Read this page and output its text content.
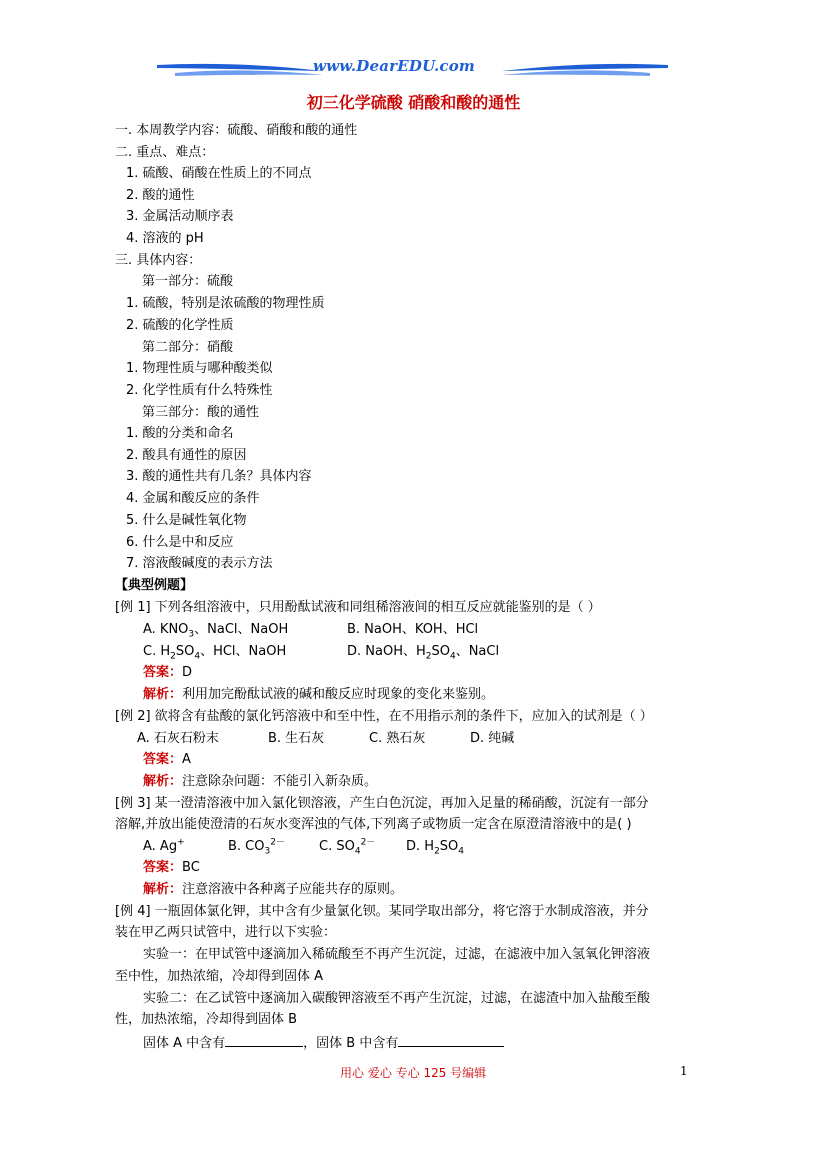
www.DearEDU.com
初三化学硫酸 硝酸和酸的通性
一. 本周教学内容：硫酸、硝酸和酸的通性
二. 重点、难点：
1. 硫酸、硝酸在性质上的不同点
2. 酸的通性
3. 金属活动顺序表
4. 溶液的 pH
三. 具体内容：
第一部分：硫酸
1. 硫酸，特别是浓硫酸的物理性质
2. 硫酸的化学性质
第二部分：硝酸
1. 物理性质与哪种酸类似
2. 化学性质有什么特殊性
第三部分：酸的通性
1. 酸的分类和命名
2. 酸具有通性的原因
3. 酸的通性共有几条？具体内容
4. 金属和酸反应的条件
5. 什么是碱性氧化物
6. 什么是中和反应
7. 溶液酸碱度的表示方法
【典型例题】
[例 1] 下列各组溶液中，只用酚酞试液和同组稀溶液间的相互反应就能鉴别的是（ ）
A. $KNO_3$、NaCl、NaOH	B. NaOH、KOH、HCl
C. $H_2SO_4$、HCl、NaOH	D. NaOH、$H_2SO_4$、NaCl
答案：D
解析：利用加完酚酞试液的碱和酸反应时现象的变化来鉴别。
[例 2] 欲将含有盐酸的氯化钙溶液中和至中性，在不用指示剂的条件下，应加入的试剂是（ ）
A. 石灰石粉末	B. 生石灰	C. 熟石灰	D. 纯碱
答案：A
解析：注意除杂问题：不能引入新杂质。
[例 3] 某一澄清溶液中加入氯化钡溶液，产生白色沉淀，再加入足量的稀硝酸，沉淀有一部分
溶解,并放出能使澄清的石灰水变浑浊的气体,下列离子或物质一定含在原澄清溶液中的是( )
A. Ag+	B. $CO_3^{2-}$	C. $SO_4^{2-}$ D. $H_2SO_4$
答案：BC
解析：注意溶液中各种离子应能共存的原则。
[例 4] 一瓶固体氯化钾，其中含有少量氯化钡。某同学取出部分，将它溶于水制成溶液，并分
装在甲乙两只试管中，进行以下实验：
实验一：在甲试管中逐滴加入稀硫酸至不再产生沉淀，过滤，在滤液中加入氢氧化钾溶液
至中性，加热浓缩，冷却得到固体 A
实验二：在乙试管中逐滴加入碳酸钾溶液至不再产生沉淀，过滤，在滤渣中加入盐酸至酸
性，加热浓缩，冷却得到固体 B
固体 A 中含有	，固体 B 中含有
用心 爱心 专心 125 号编辑	1
